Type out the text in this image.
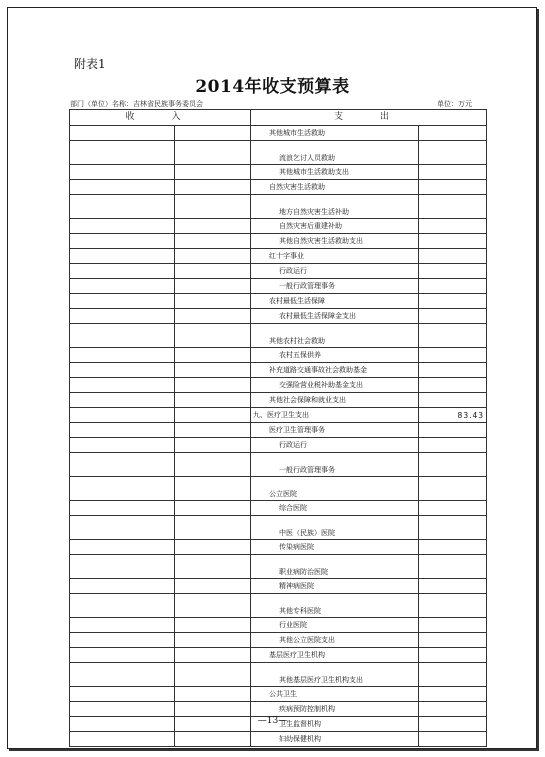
附表1
2014年收支预算表
部门（单位）名称：吉林省民族事务委员会	单位：万元
收　入		支　出	
		其他城市生活救助	
		流浪乞讨人员救助	
		其他城市生活救助支出	
		自然灾害生活救助	
		地方自然灾害生活补助	
		自然灾害后重建补助	
		其他自然灾害生活救助支出	
		红十字事业	
		行政运行	
		一般行政管理事务	
		农村最低生活保障	
		农村最低生活保障金支出	
		其他农村社会救助	
		农村五保供养	
		补充道路交通事故社会救助基金	
		交强险营业税补助基金支出	
		其他社会保障和就业支出	
		九、医疗卫生支出	83.43
		医疗卫生管理事务	
		行政运行	
		一般行政管理事务	
		公立医院	
		综合医院	
		中医（民族）医院	
		传染病医院	
		职业病防治医院	
		精神病医院	
		其他专科医院	
		行业医院	
		其他公立医院支出	
		基层医疗卫生机构	
		其他基层医疗卫生机构支出	
		公共卫生	
		疾病预防控制机构	
		卫生监督机构	
		妇幼保健机构	
—13—
